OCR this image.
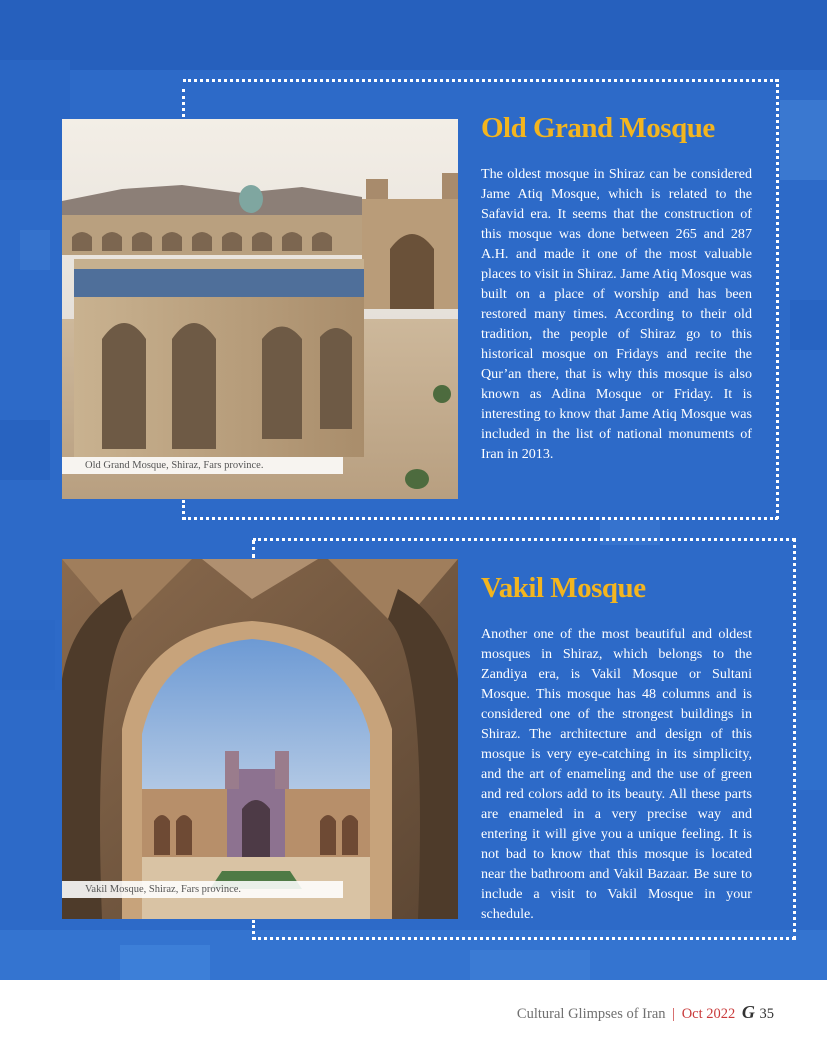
Old Grand Mosque, Shiraz, Fars province.
Old Grand Mosque

The oldest mosque in Shiraz can be considered Jame Atiq Mosque, which is related to the Safavid era. It seems that the construction of this mosque was done between 265 and 287 A.H. and made it one of the most valuable places to visit in Shiraz. Jame Atiq Mosque was built on a place of worship and has been restored many times. According to their old tradition, the people of Shiraz go to this historical mosque on Fridays and recite the Qur’an there, that is why this mosque is also known as Adina Mosque or Friday. It is interesting to know that Jame Atiq Mosque was included in the list of national monuments of Iran in 2013.

Vakil Mosque, Shiraz, Fars province.
Vakil Mosque

Another one of the most beautiful and oldest mosques in Shiraz, which belongs to the Zandiya era, is Vakil Mosque or Sultani Mosque. This mosque has 48 columns and is considered one of the strongest buildings in Shiraz. The architecture and design of this mosque is very eye-catching in its simplicity, and the art of enameling and the use of green and red colors add to its beauty. All these parts are enameled in a very precise way and entering it will give you a unique feeling. It is not bad to know that this mosque is located near the bathroom and Vakil Bazaar. Be sure to include a visit to Vakil Mosque in your schedule.

Cultural Glimpses of Iran | Oct 2022 G 35
